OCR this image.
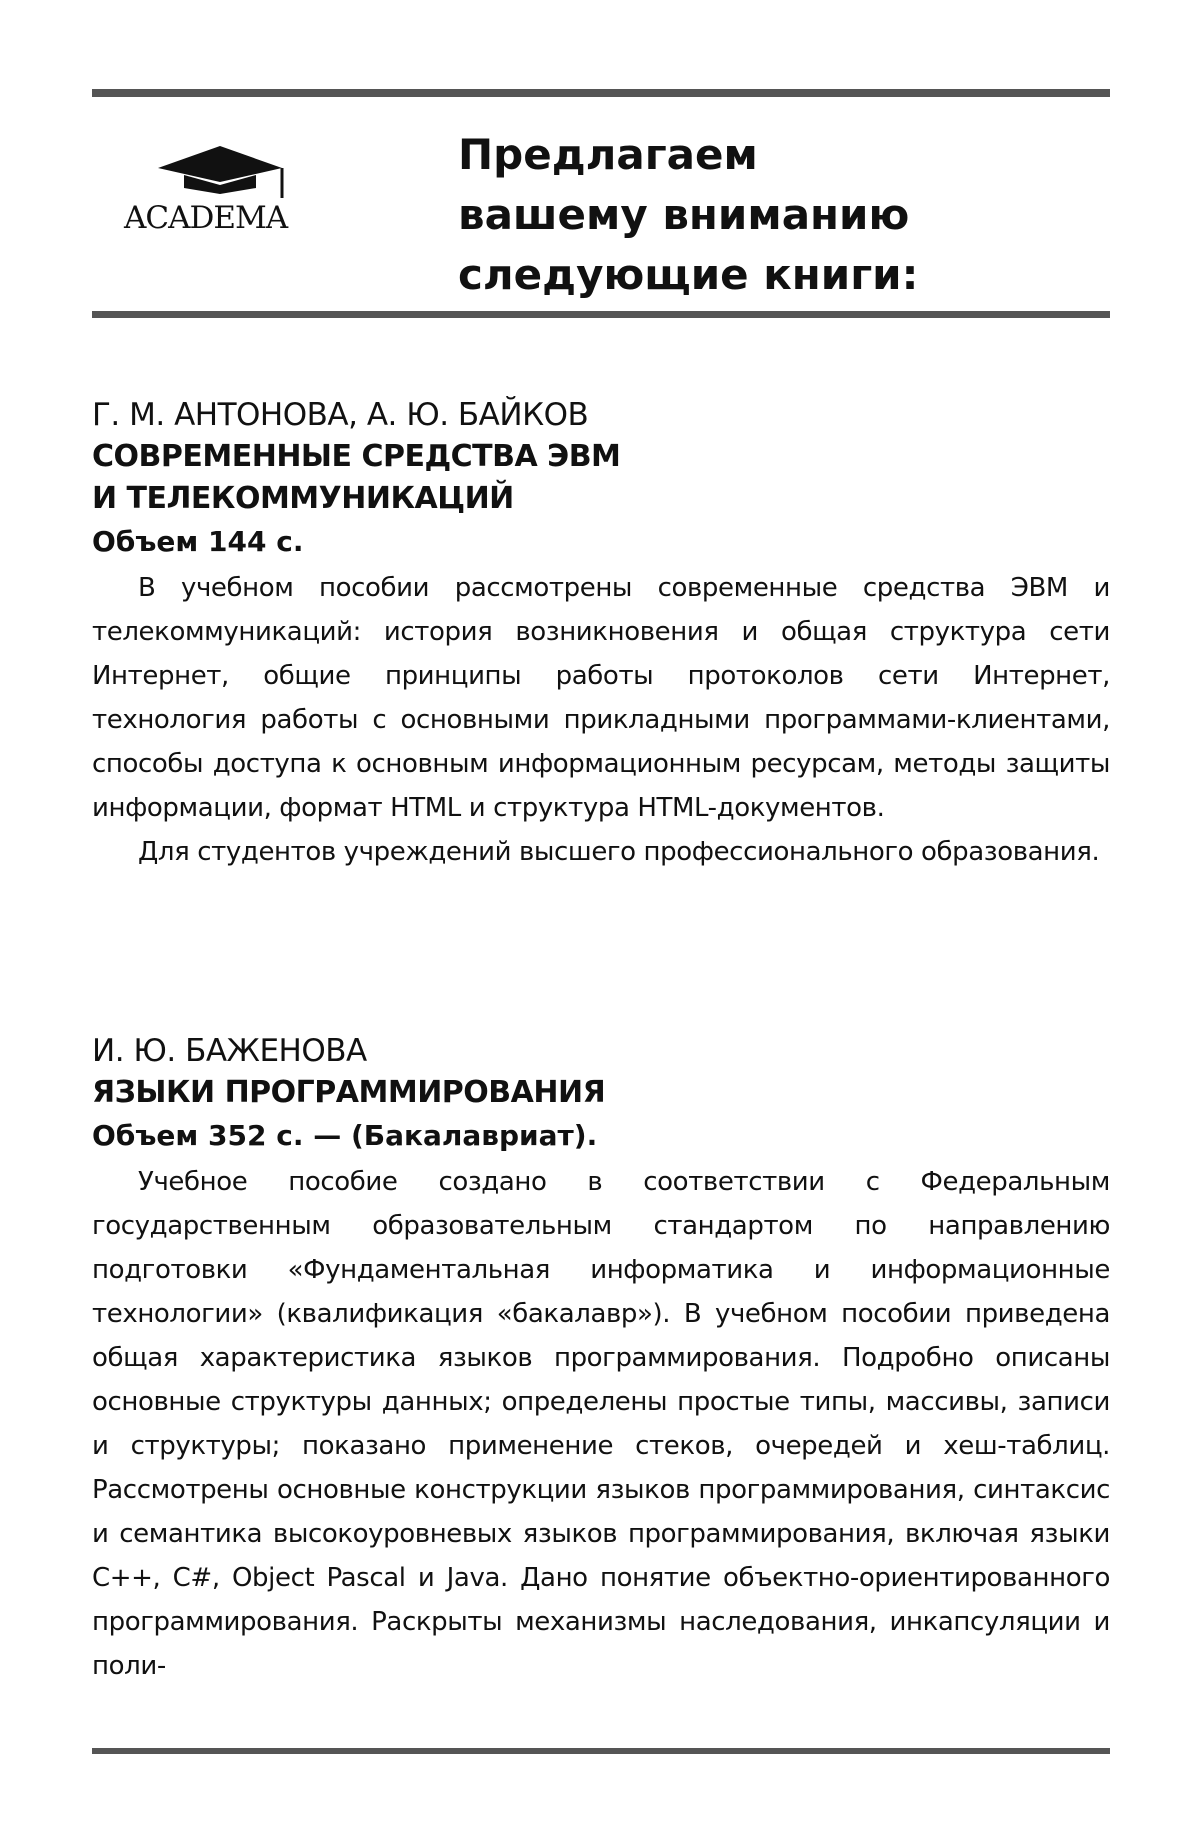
ACADEMA
Предлагаем
вашему вниманию
следующие книги:
Г. М. АНТОНОВА, А. Ю. БАЙКОВ
СОВРЕМЕННЫЕ СРЕДСТВА ЭВМ
И ТЕЛЕКОММУНИКАЦИЙ
Объем 144 с.

В учебном пособии рассмотрены современные средства ЭВМ и телекоммуникаций: история возникновения и общая структура сети Интернет, общие принципы работы протоколов сети Интернет, технология работы с основными прикладными программами-клиентами, способы доступа к основным информационным ресурсам, методы защиты информации, формат HTML и структура HTML-документов.

Для студентов учреждений высшего профессионального образования.

И. Ю. БАЖЕНОВА
ЯЗЫКИ ПРОГРАММИРОВАНИЯ
Объем 352 с. — (Бакалавриат).

Учебное пособие создано в соответствии с Федеральным государственным образовательным стандартом по направлению подготовки «Фундаментальная информатика и информационные технологии» (квалификация «бакалавр»). В учебном пособии приведена общая характеристика языков программирования. Подробно описаны основные структуры данных; определены простые типы, массивы, записи и структуры; показано применение стеков, очередей и хеш-таблиц. Рассмотрены основные конструкции языков программирования, синтаксис и семантика высокоуровневых языков программирования, включая языки C++, C#, Object Pascal и Java. Дано понятие объектно-ориентированного программирования. Раскрыты механизмы наследования, инкапсуляции и поли-
